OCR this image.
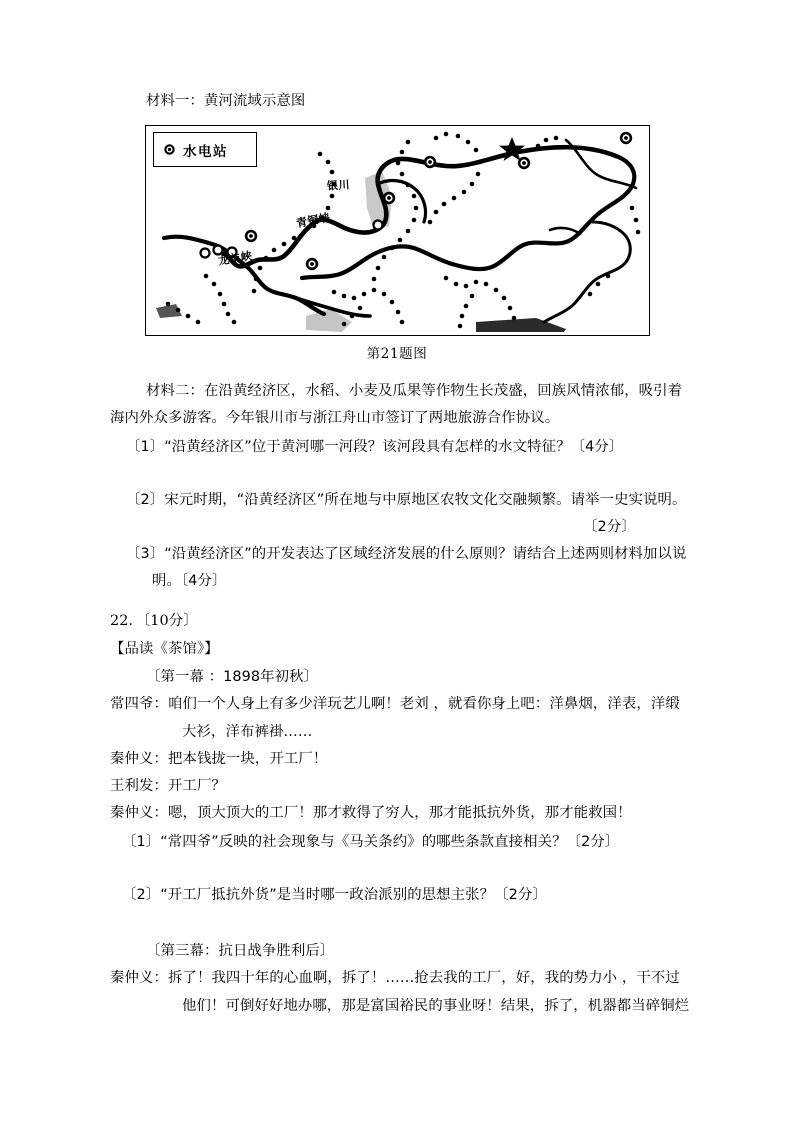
材料一：黄河流域示意图
水电站
银川
青铜峡
龙羊峡
第21题图
材料二：在沿黄经济区，水稻、小麦及瓜果等作物生长茂盛，回族风情浓郁，吸引着
海内外众多游客。今年银川市与浙江舟山市签订了两地旅游合作协议。
〔1〕“沿黄经济区”位于黄河哪一河段？该河段具有怎样的水文特征？〔4分〕
〔2〕宋元时期，“沿黄经济区”所在地与中原地区农牧文化交融频繁。请举一史实说明。
〔2分〕
〔3〕“沿黄经济区”的开发表达了区域经济发展的什么原则？请结合上述两则材料加以说
明。〔4分〕
22．〔10分〕
【品读《茶馆》】
〔第一幕 ：1898年初秋〕
常四爷：咱们一个人身上有多少洋玩艺儿啊！老刘 ，就看你身上吧：洋鼻烟，洋表，洋缎
大衫，洋布裤褂……
秦仲义：把本钱拢一块，开工厂！
王利发：开工厂？
秦仲义：嗯，顶大顶大的工厂！那才救得了穷人，那才能抵抗外货，那才能救国！
〔1〕“常四爷”反映的社会现象与《马关条约》的哪些条款直接相关？〔2分〕
〔2〕“开工厂抵抗外货”是当时哪一政治派别的思想主张？〔2分〕
〔第三幕：抗日战争胜利后〕
秦仲义：拆了！我四十年的心血啊，拆了！……抢去我的工厂，好，我的势力小 ，干不过
他们！可倒好好地办哪，那是富国裕民的事业呀！结果，拆了，机器都当碎铜烂
